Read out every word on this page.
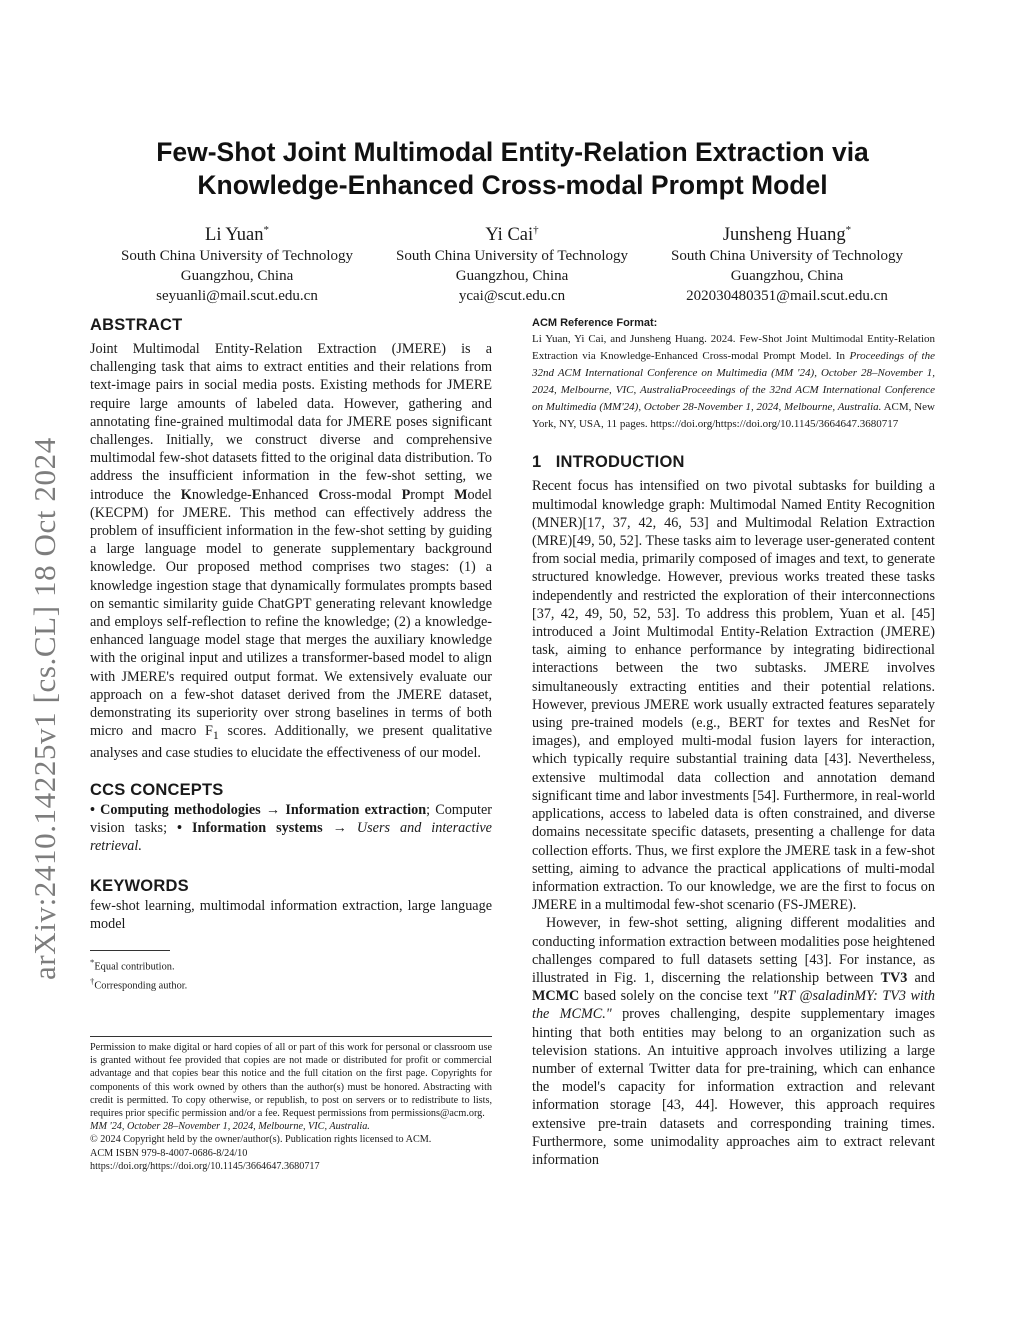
arXiv:2410.14225v1 [cs.CL] 18 Oct 2024
Few-Shot Joint Multimodal Entity-Relation Extraction via
Knowledge-Enhanced Cross-modal Prompt Model
Li Yuan*
South China University of Technology
Guangzhou, China
seyuanli@mail.scut.edu.cn
Yi Cai†
South China University of Technology
Guangzhou, China
ycai@scut.edu.cn
Junsheng Huang*
South China University of Technology
Guangzhou, China
202030480351@mail.scut.edu.cn
ABSTRACT

Joint Multimodal Entity-Relation Extraction (JMERE) is a challenging task that aims to extract entities and their relations from text-image pairs in social media posts. Existing methods for JMERE require large amounts of labeled data. However, gathering and annotating fine-grained multimodal data for JMERE poses significant challenges. Initially, we construct diverse and comprehensive multimodal few-shot datasets fitted to the original data distribution. To address the insufficient information in the few-shot setting, we introduce the Knowledge-Enhanced Cross-modal Prompt Model (KECPM) for JMERE. This method can effectively address the problem of insufficient information in the few-shot setting by guiding a large language model to generate supplementary background knowledge. Our proposed method comprises two stages: (1) a knowledge ingestion stage that dynamically formulates prompts based on semantic similarity guide ChatGPT generating relevant knowledge and employs self-reflection to refine the knowledge; (2) a knowledge-enhanced language model stage that merges the auxiliary knowledge with the original input and utilizes a transformer-based model to align with JMERE's required output format. We extensively evaluate our approach on a few-shot dataset derived from the JMERE dataset, demonstrating its superiority over strong baselines in terms of both micro and macro $F_1$ scores. Additionally, we present qualitative analyses and case studies to elucidate the effectiveness of our model.

CCS CONCEPTS

• Computing methodologies → Information extraction; Computer vision tasks; • Information systems → Users and interactive retrieval.

KEYWORDS

few-shot learning, multimodal information extraction, large language model

*Equal contribution.
†Corresponding author.

Permission to make digital or hard copies of all or part of this work for personal or classroom use is granted without fee provided that copies are not made or distributed for profit or commercial advantage and that copies bear this notice and the full citation on the first page. Copyrights for components of this work owned by others than the author(s) must be honored. Abstracting with credit is permitted. To copy otherwise, or republish, to post on servers or to redistribute to lists, requires prior specific permission and/or a fee. Request permissions from permissions@acm.org.

MM '24, October 28–November 1, 2024, Melbourne, VIC, Australia.

© 2024 Copyright held by the owner/author(s). Publication rights licensed to ACM.

ACM ISBN 979-8-4007-0686-8/24/10

https://doi.org/https://doi.org/10.1145/3664647.3680717

ACM Reference Format:

Li Yuan, Yi Cai, and Junsheng Huang. 2024. Few-Shot Joint Multimodal Entity-Relation Extraction via Knowledge-Enhanced Cross-modal Prompt Model. In Proceedings of the 32nd ACM International Conference on Multimedia (MM '24), October 28–November 1, 2024, Melbourne, VIC, AustraliaProceedings of the 32nd ACM International Conference on Multimedia (MM'24), October 28-November 1, 2024, Melbourne, Australia. ACM, New York, NY, USA, 11 pages. https://doi.org/https://doi.org/10.1145/3664647.3680717

1   INTRODUCTION

Recent focus has intensified on two pivotal subtasks for building a multimodal knowledge graph: Multimodal Named Entity Recognition (MNER)[17, 37, 42, 46, 53] and Multimodal Relation Extraction (MRE)[49, 50, 52]. These tasks aim to leverage user-generated content from social media, primarily composed of images and text, to generate structured knowledge. However, previous works treated these tasks independently and restricted the exploration of their interconnections [37, 42, 49, 50, 52, 53]. To address this problem, Yuan et al. [45] introduced a Joint Multimodal Entity-Relation Extraction (JMERE) task, aiming to enhance performance by integrating bidirectional interactions between the two subtasks. JMERE involves simultaneously extracting entities and their potential relations. However, previous JMERE work usually extracted features separately using pre-trained models (e.g., BERT for textes and ResNet for images), and employed multi-modal fusion layers for interaction, which typically require substantial training data [43]. Nevertheless, extensive multimodal data collection and annotation demand significant time and labor investments [54]. Furthermore, in real-world applications, access to labeled data is often constrained, and diverse domains necessitate specific datasets, presenting a challenge for data collection efforts. Thus, we first explore the JMERE task in a few-shot setting, aiming to advance the practical applications of multi-modal information extraction. To our knowledge, we are the first to focus on JMERE in a multimodal few-shot scenario (FS-JMERE).

However, in few-shot setting, aligning different modalities and conducting information extraction between modalities pose heightened challenges compared to full datasets setting [43]. For instance, as illustrated in Fig. 1, discerning the relationship between TV3 and MCMC based solely on the concise text "RT @saladinMY: TV3 with the MCMC." proves challenging, despite supplementary images hinting that both entities may belong to an organization such as television stations. An intuitive approach involves utilizing a large number of external Twitter data for pre-training, which can enhance the model's capacity for information extraction and relevant information storage [43, 44]. However, this approach requires extensive pre-train datasets and corresponding training times. Furthermore, some unimodality approaches aim to extract relevant information
